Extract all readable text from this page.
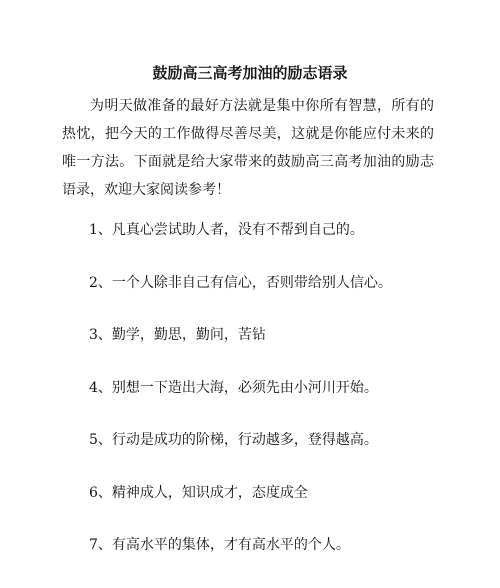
鼓励高三高考加油的励志语录

为明天做准备的最好方法就是集中你所有智慧，所有的热忱，把今天的工作做得尽善尽美，这就是你能应付未来的唯一方法。下面就是给大家带来的鼓励高三高考加油的励志语录，欢迎大家阅读参考！

1、凡真心尝试助人者，没有不帮到自己的。
2、一个人除非自己有信心，否则带给别人信心。
3、勤学，勤思，勤问，苦钻
4、别想一下造出大海，必须先由小河川开始。
5、行动是成功的阶梯，行动越多，登得越高。
6、精神成人，知识成才，态度成全
7、有高水平的集体，才有高水平的个人。
